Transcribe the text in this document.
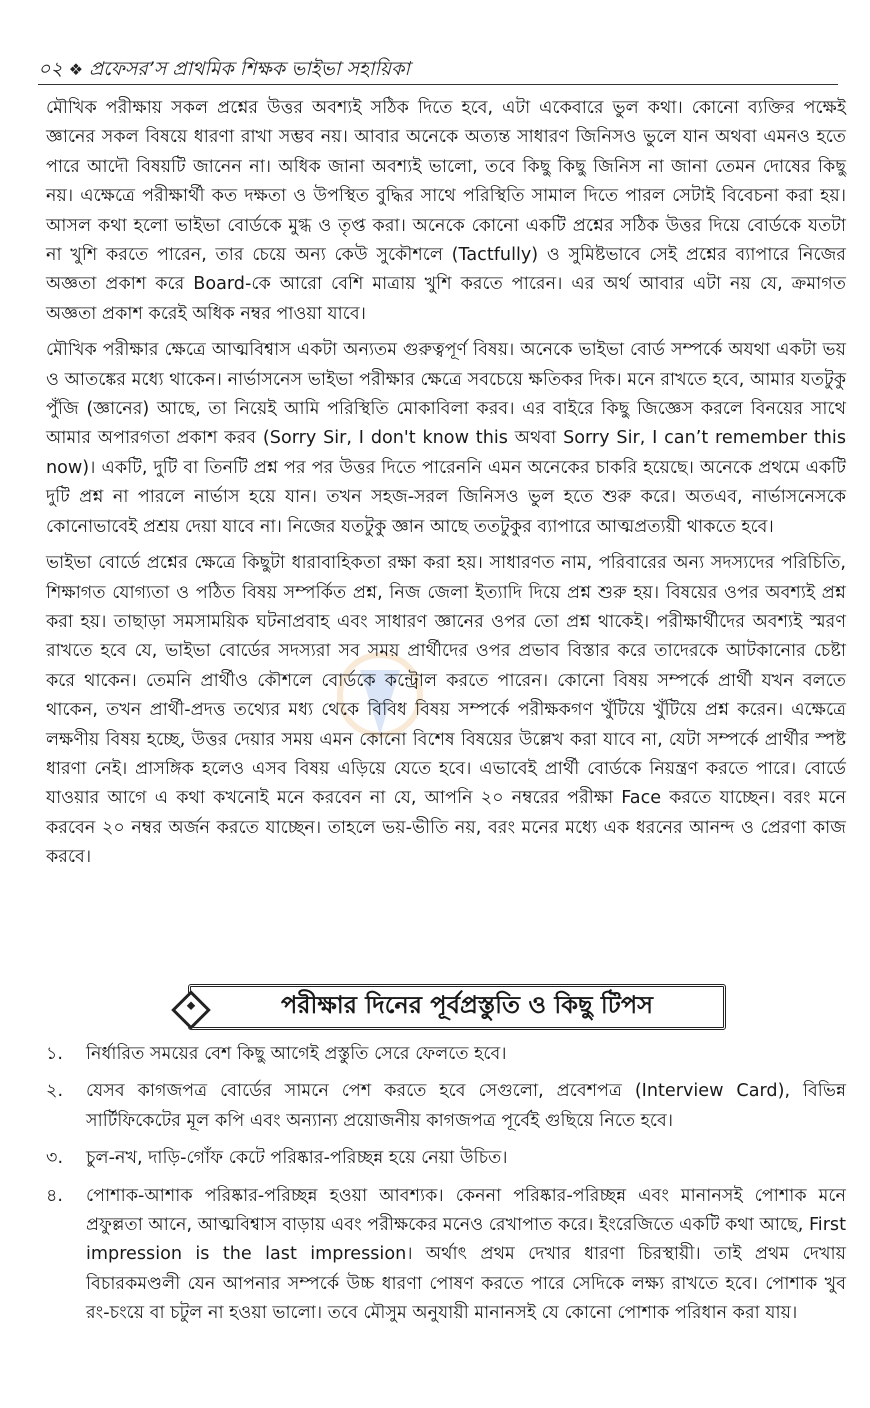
০২ ❖ প্রফেসর’স প্রাথমিক শিক্ষক ভাইভা সহায়িকা

মৌখিক পরীক্ষায় সকল প্রশ্নের উত্তর অবশ্যই সঠিক দিতে হবে, এটা একেবারে ভুল কথা। কোনো ব্যক্তির পক্ষেই জ্ঞানের সকল বিষয়ে ধারণা রাখা সম্ভব নয়। আবার অনেকে অত্যন্ত সাধারণ জিনিসও ভুলে যান অথবা এমনও হতে পারে আদৌ বিষয়টি জানেন না। অধিক জানা অবশ্যই ভালো, তবে কিছু কিছু জিনিস না জানা তেমন দোষের কিছু নয়। এক্ষেত্রে পরীক্ষার্থী কত দক্ষতা ও উপস্থিত বুদ্ধির সাথে পরিস্থিতি সামাল দিতে পারল সেটাই বিবেচনা করা হয়। আসল কথা হলো ভাইভা বোর্ডকে মুগ্ধ ও তৃপ্ত করা। অনেকে কোনো একটি প্রশ্নের সঠিক উত্তর দিয়ে বোর্ডকে যতটা না খুশি করতে পারেন, তার চেয়ে অন্য কেউ সুকৌশলে (Tactfully) ও সুমিষ্টভাবে সেই প্রশ্নের ব্যাপারে নিজের অজ্ঞতা প্রকাশ করে Board-কে আরো বেশি মাত্রায় খুশি করতে পারেন। এর অর্থ আবার এটা নয় যে, ক্রমাগত অজ্ঞতা প্রকাশ করেই অধিক নম্বর পাওয়া যাবে।

মৌখিক পরীক্ষার ক্ষেত্রে আত্মবিশ্বাস একটা অন্যতম গুরুত্বপূর্ণ বিষয়। অনেকে ভাইভা বোর্ড সম্পর্কে অযথা একটা ভয় ও আতঙ্কের মধ্যে থাকেন। নার্ভাসনেস ভাইভা পরীক্ষার ক্ষেত্রে সবচেয়ে ক্ষতিকর দিক। মনে রাখতে হবে, আমার যতটুকু পুঁজি (জ্ঞানের) আছে, তা নিয়েই আমি পরিস্থিতি মোকাবিলা করব। এর বাইরে কিছু জিজ্ঞেস করলে বিনয়ের সাথে আমার অপারগতা প্রকাশ করব (Sorry Sir, I don't know this অথবা Sorry Sir, I can’t remember this now)। একটি, দুটি বা তিনটি প্রশ্ন পর পর উত্তর দিতে পারেননি এমন অনেকের চাকরি হয়েছে। অনেকে প্রথমে একটি দুটি প্রশ্ন না পারলে নার্ভাস হয়ে যান। তখন সহজ-সরল জিনিসও ভুল হতে শুরু করে। অতএব, নার্ভাসনেসকে কোনোভাবেই প্রশ্রয় দেয়া যাবে না। নিজের যতটুকু জ্ঞান আছে ততটুকুর ব্যাপারে আত্মপ্রত্যয়ী থাকতে হবে।

ভাইভা বোর্ডে প্রশ্নের ক্ষেত্রে কিছুটা ধারাবাহিকতা রক্ষা করা হয়। সাধারণত নাম, পরিবারের অন্য সদস্যদের পরিচিতি, শিক্ষাগত যোগ্যতা ও পঠিত বিষয় সম্পর্কিত প্রশ্ন, নিজ জেলা ইত্যাদি দিয়ে প্রশ্ন শুরু হয়। বিষয়ের ওপর অবশ্যই প্রশ্ন করা হয়। তাছাড়া সমসাময়িক ঘটনাপ্রবাহ এবং সাধারণ জ্ঞানের ওপর তো প্রশ্ন থাকেই। পরীক্ষার্থীদের অবশ্যই স্মরণ রাখতে হবে যে, ভাইভা বোর্ডের সদস্যরা সব সময় প্রার্থীদের ওপর প্রভাব বিস্তার করে তাদেরকে আটকানোর চেষ্টা করে থাকেন। তেমনি প্রার্থীও কৌশলে বোর্ডকে কন্ট্রোল করতে পারেন। কোনো বিষয় সম্পর্কে প্রার্থী যখন বলতে থাকেন, তখন প্রার্থী-প্রদত্ত তথ্যের মধ্য থেকে বিবিধ বিষয় সম্পর্কে পরীক্ষকগণ খুঁটিয়ে খুঁটিয়ে প্রশ্ন করেন। এক্ষেত্রে লক্ষণীয় বিষয় হচ্ছে, উত্তর দেয়ার সময় এমন কোনো বিশেষ বিষয়ের উল্লেখ করা যাবে না, যেটা সম্পর্কে প্রার্থীর স্পষ্ট ধারণা নেই। প্রাসঙ্গিক হলেও এসব বিষয় এড়িয়ে যেতে হবে। এভাবেই প্রার্থী বোর্ডকে নিয়ন্ত্রণ করতে পারে। বোর্ডে যাওয়ার আগে এ কথা কখনোই মনে করবেন না যে, আপনি ২০ নম্বরের পরীক্ষা Face করতে যাচ্ছেন। বরং মনে করবেন ২০ নম্বর অর্জন করতে যাচ্ছেন। তাহলে ভয়-ভীতি নয়, বরং মনের মধ্যে এক ধরনের আনন্দ ও প্রেরণা কাজ করবে।

পরীক্ষার দিনের পূর্বপ্রস্তুতি ও কিছু টিপস
১.	নির্ধারিত সময়ের বেশ কিছু আগেই প্রস্তুতি সেরে ফেলতে হবে।
২.	যেসব কাগজপত্র বোর্ডের সামনে পেশ করতে হবে সেগুলো, প্রবেশপত্র (Interview Card), বিভিন্ন সার্টিফিকেটের মূল কপি এবং অন্যান্য প্রয়োজনীয় কাগজপত্র পূর্বেই গুছিয়ে নিতে হবে।
৩.	চুল-নখ, দাড়ি-গোঁফ কেটে পরিষ্কার-পরিচ্ছন্ন হয়ে নেয়া উচিত।
৪.	পোশাক-আশাক পরিষ্কার-পরিচ্ছন্ন হওয়া আবশ্যক। কেননা পরিষ্কার-পরিচ্ছন্ন এবং মানানসই পোশাক মনে প্রফুল্লতা আনে, আত্মবিশ্বাস বাড়ায় এবং পরীক্ষকের মনেও রেখাপাত করে। ইংরেজিতে একটি কথা আছে, First impression is the last impression। অর্থাৎ প্রথম দেখার ধারণা চিরস্থায়ী। তাই প্রথম দেখায় বিচারকমণ্ডলী যেন আপনার সম্পর্কে উচ্চ ধারণা পোষণ করতে পারে সেদিকে লক্ষ্য রাখতে হবে। পোশাক খুব রং-চংয়ে বা চটুল না হওয়া ভালো। তবে মৌসুম অনুযায়ী মানানসই যে কোনো পোশাক পরিধান করা যায়।
